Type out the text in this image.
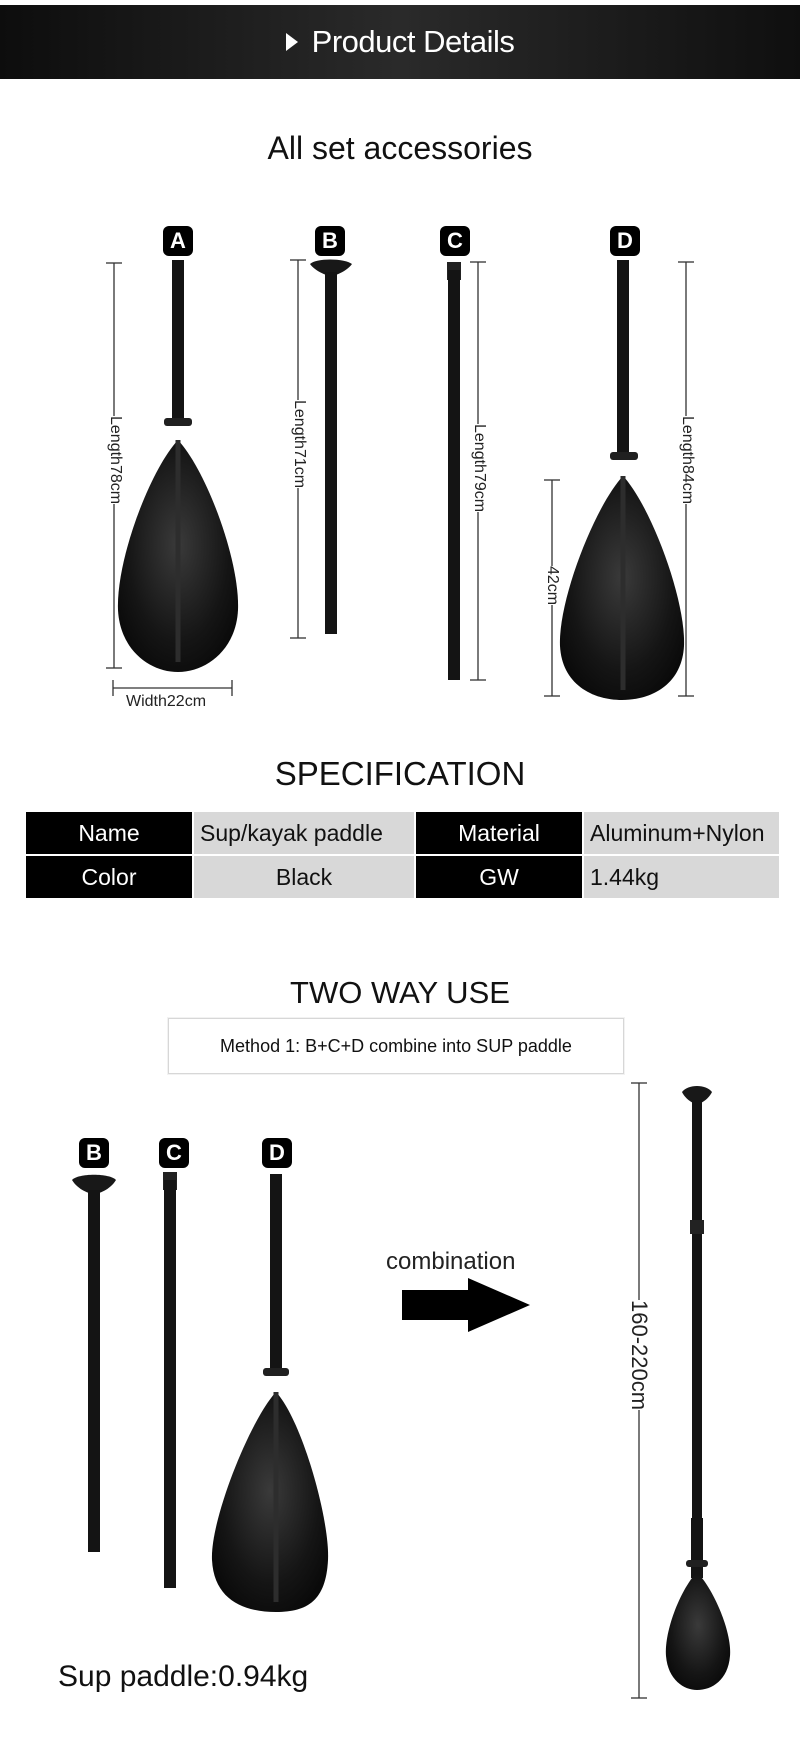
Product Details
All set accessories
A	B	C	D
Length78cm	Length71cm	Length79cm	Length84cm
42cm
Width22cm
SPECIFICATION
Name	Sup/kayak paddle	Material	Aluminum+Nylon
Color	Black	GW	1.44kg
TWO WAY USE
Method 1: B+C+D combine into SUP paddle
B	C	D
combination
160-220cm
Sup paddle:0.94kg
